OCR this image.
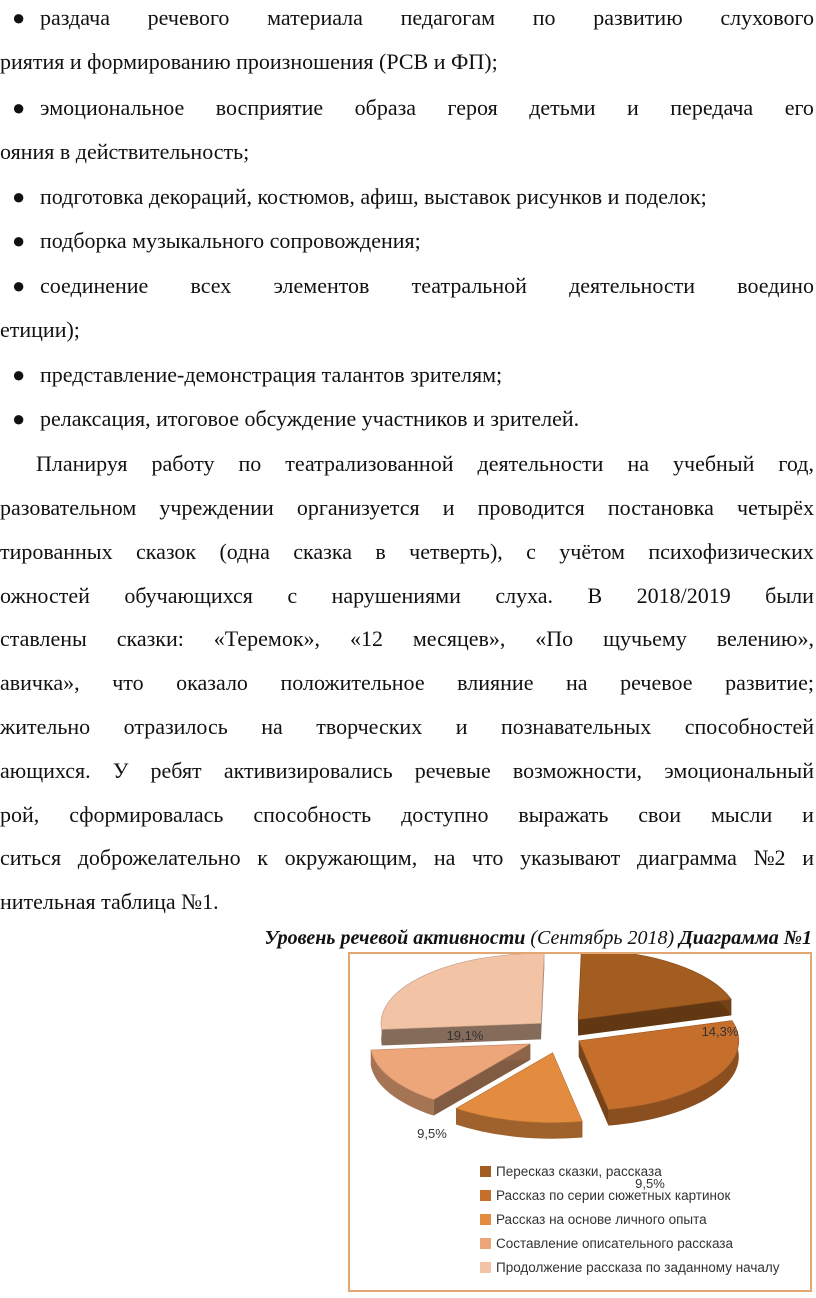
● раздача речевого материала педагогам по развитию слухового
риятия и формированию произношения (РСВ и ФП);
● эмоциональное восприятие образа героя детьми и передача его
ояния в действительность;
● подготовка декораций, костюмов, афиш, выставок рисунков и поделок;
● подборка музыкального сопровождения;
● соединение всех элементов театральной деятельности воедино
етиции);
● представление-демонстрация талантов зрителям;
● релаксация, итоговое обсуждение участников и зрителей.
Планируя работу по театрализованной деятельности на учебный год,
разовательном учреждении организуется и проводится постановка четырёх
тированных сказок (одна сказка в четверть), с учётом психофизических
ожностей обучающихся с нарушениями слуха. В 2018/2019 были
ставлены сказки: «Теремок», «12 месяцев», «По щучьему велению»,
авичка», что оказало положительное влияние на речевое развитие;
жительно отразилось на творческих и познавательных способностей
ающихся. У ребят активизировались речевые возможности, эмоциональный
рой, сформировалась способность доступно выражать свои мысли и
ситься доброжелательно к окружающим, на что указывают диаграмма №2 и
нительная таблица №1.
Уровень речевой активности (Сентябрь 2018) Диаграмма №1
14,3%
9,5%
9,5%
19,1%
Пересказ сказки, рассказа
Рассказ по серии сюжетных картинок
Рассказ на основе личного опыта
Составление описательного рассказа
Продолжение рассказа по заданному началу
